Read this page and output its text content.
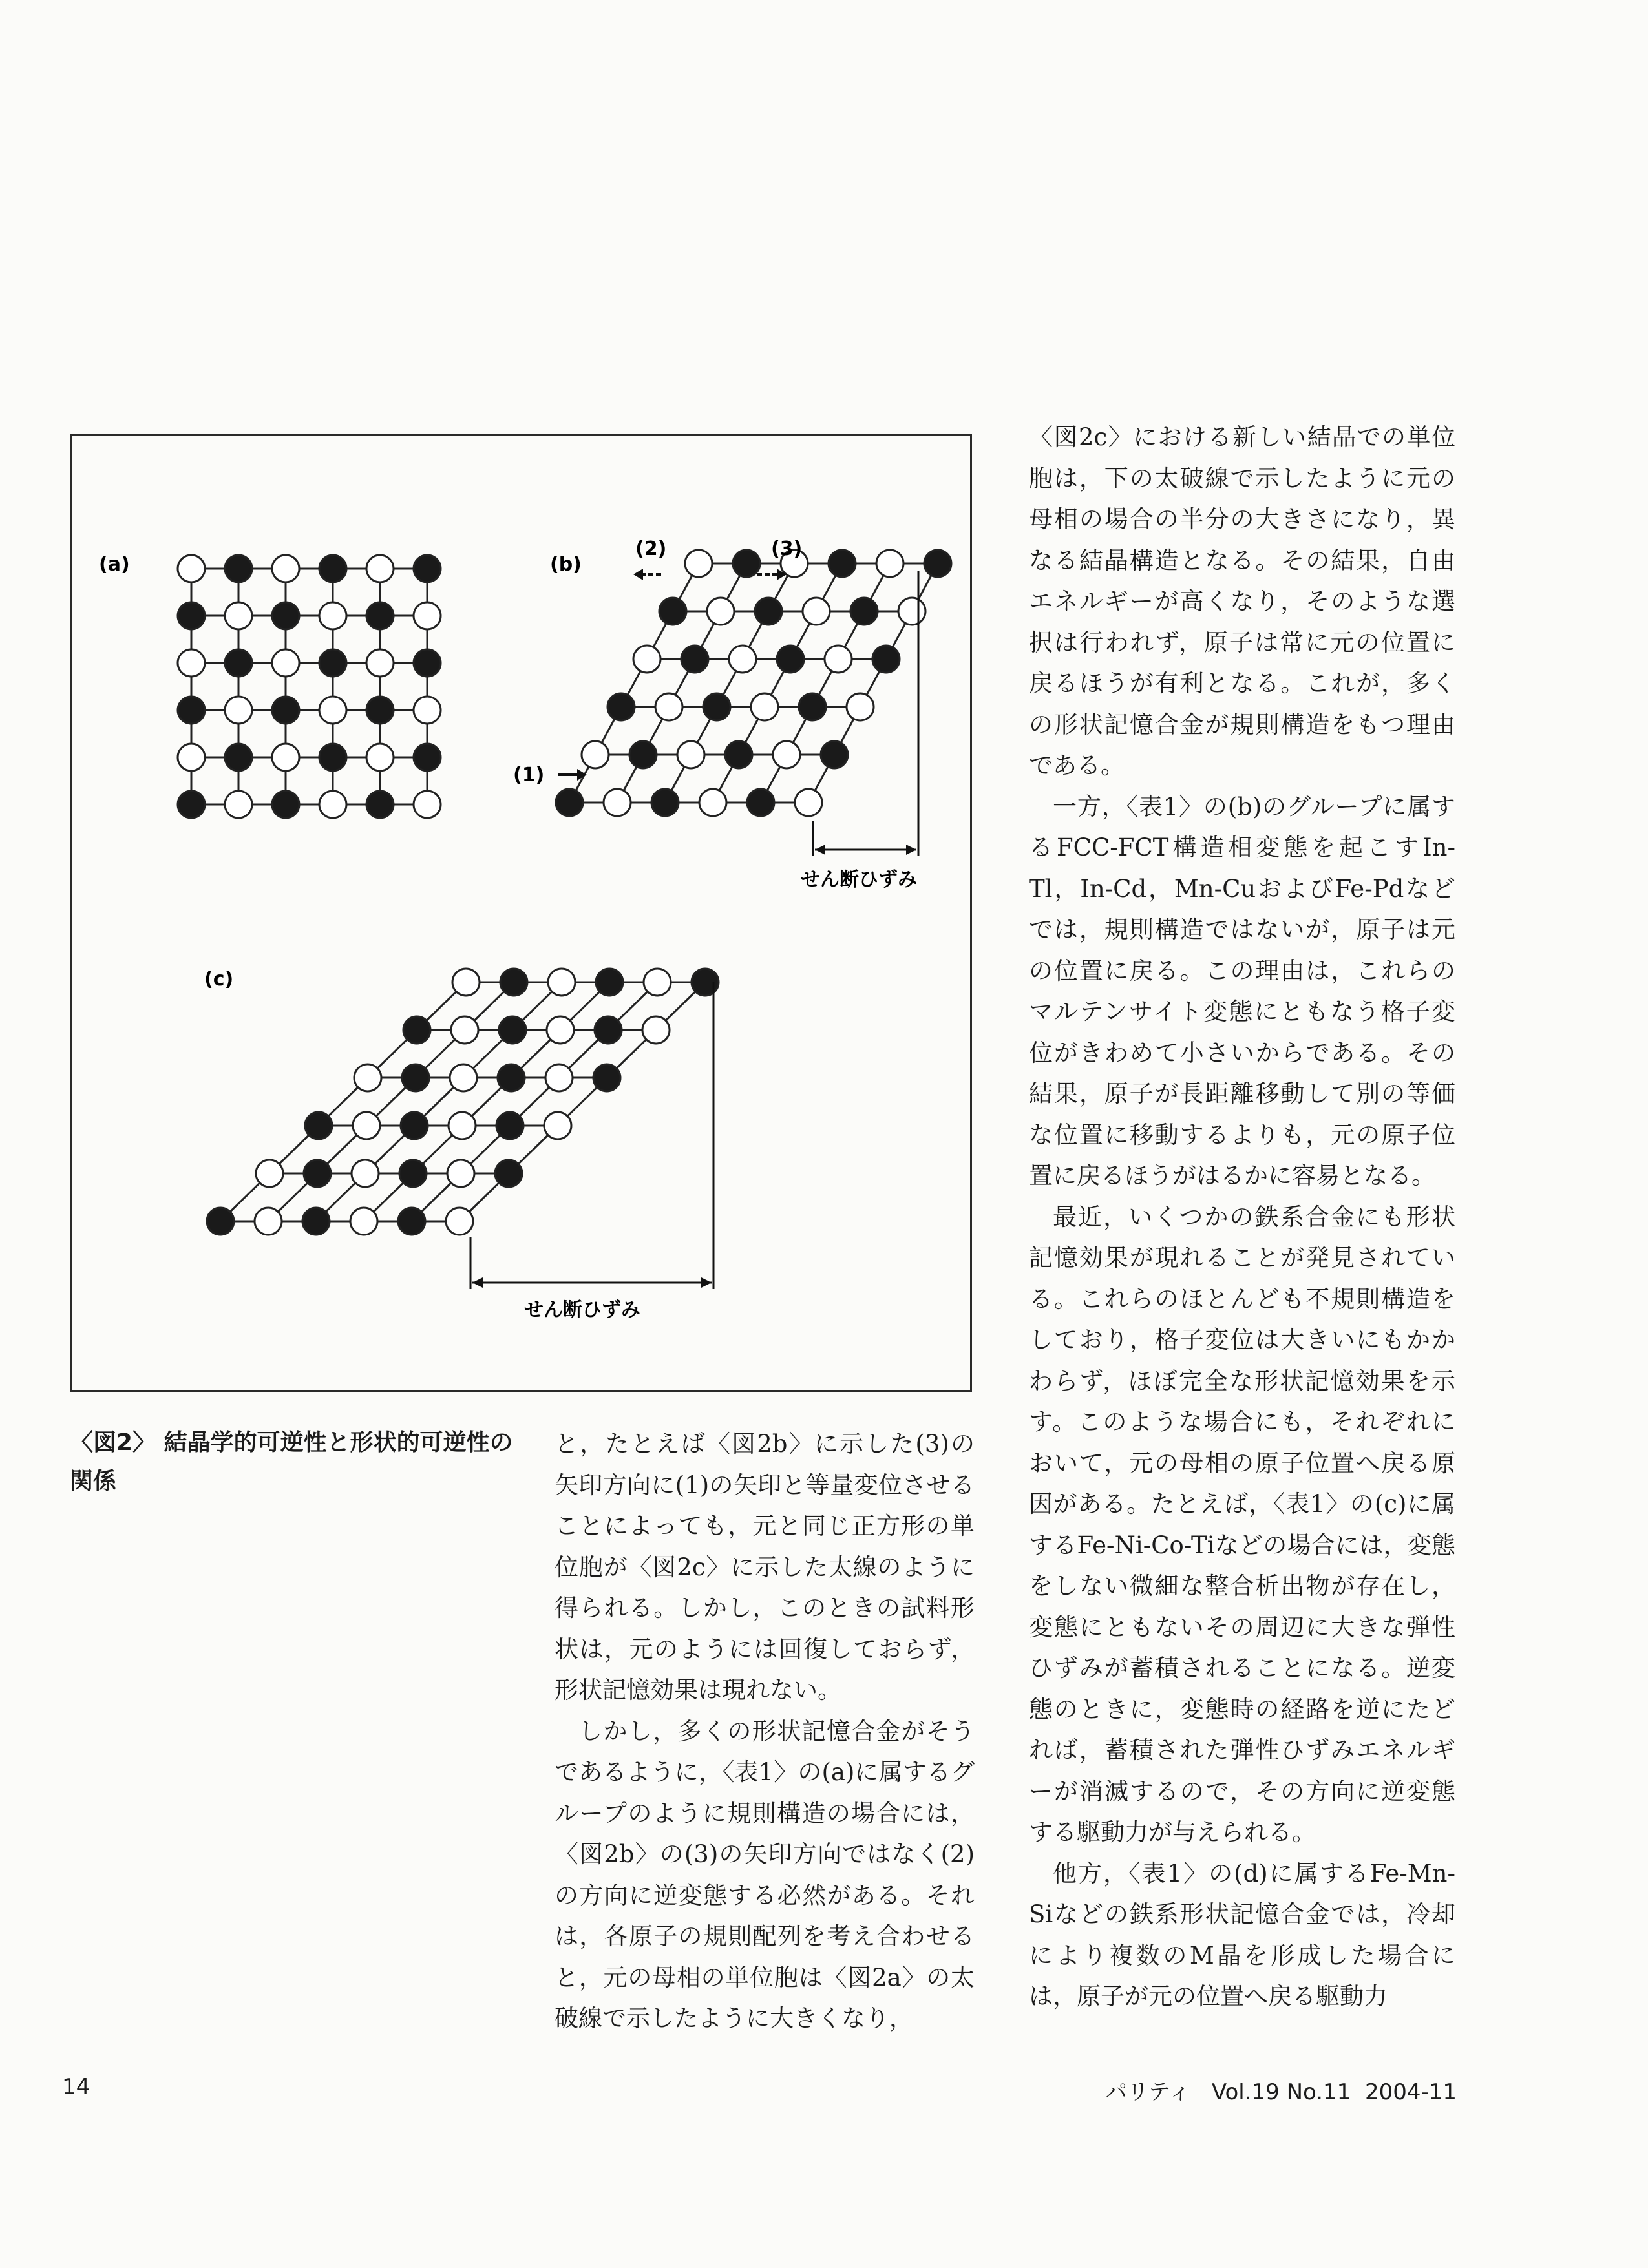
(a)	(b)
(c)
(1)
(2)	(3)
せん断ひずみ
せん断ひずみ
〈図2〉 結晶学的可逆性と形状的可逆性の関係

と，たとえば〈図2b〉に示した(3)の矢印方向に(1)の矢印と等量変位させることによっても，元と同じ正方形の単位胞が〈図2c〉に示した太線のように得られる。しかし，このときの試料形状は，元のようには回復しておらず，形状記憶効果は現れない。

しかし，多くの形状記憶合金がそうであるように，〈表1〉の(a)に属するグループのように規則構造の場合には，〈図2b〉の(3)の矢印方向ではなく(2)の方向に逆変態する必然がある。それは，各原子の規則配列を考え合わせると，元の母相の単位胞は〈図2a〉の太破線で示したように大きくなり，

〈図2c〉における新しい結晶での単位胞は，下の太破線で示したように元の母相の場合の半分の大きさになり，異なる結晶構造となる。その結果，自由エネルギーが高くなり，そのような選択は行われず，原子は常に元の位置に戻るほうが有利となる。これが，多くの形状記憶合金が規則構造をもつ理由である。

一方，〈表1〉の(b)のグループに属するFCC-FCT構造相変態を起こすIn-Tl，In-Cd，Mn-CuおよびFe-Pdなどでは，規則構造ではないが，原子は元の位置に戻る。この理由は，これらのマルテンサイト変態にともなう格子変位がきわめて小さいからである。その結果，原子が長距離移動して別の等価な位置に移動するよりも，元の原子位置に戻るほうがはるかに容易となる。

最近，いくつかの鉄系合金にも形状記憶効果が現れることが発見されている。これらのほとんども不規則構造をしており，格子変位は大きいにもかかわらず，ほぼ完全な形状記憶効果を示す。このような場合にも，それぞれにおいて，元の母相の原子位置へ戻る原因がある。たとえば，〈表1〉の(c)に属するFe-Ni-Co-Tiなどの場合には，変態をしない微細な整合析出物が存在し，変態にともないその周辺に大きな弾性ひずみが蓄積されることになる。逆変態のときに，変態時の経路を逆にたどれば，蓄積された弾性ひずみエネルギーが消滅するので，その方向に逆変態する駆動力が与えられる。

他方，〈表1〉の(d)に属するFe-Mn-Siなどの鉄系形状記憶合金では，冷却により複数のM晶を形成した場合には，原子が元の位置へ戻る駆動力

14	パリティ Vol.19 No.11 2004-11
